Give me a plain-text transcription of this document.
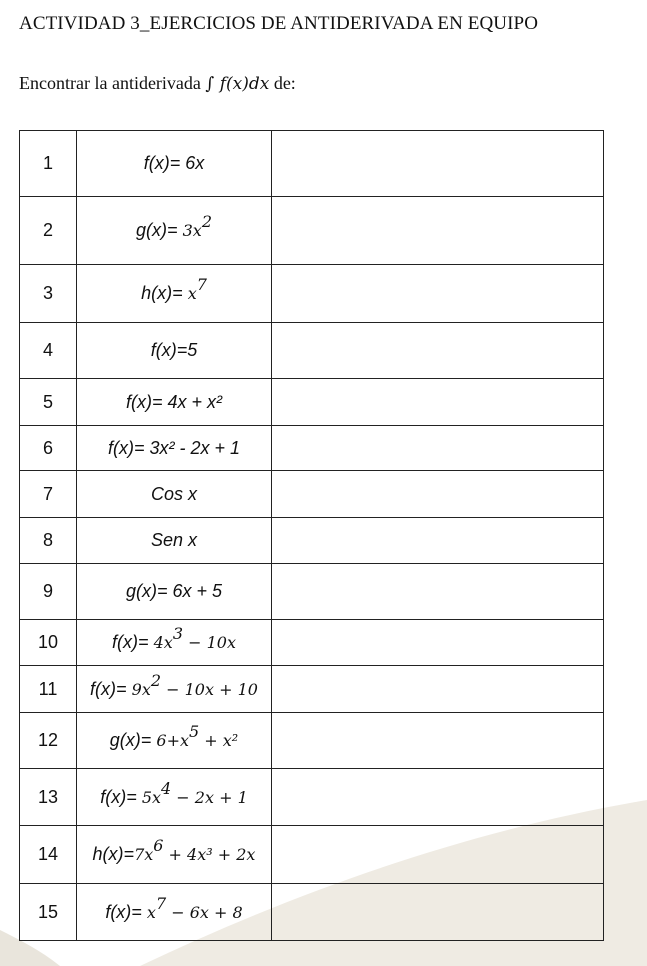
ACTIVIDAD 3_EJERCICIOS DE ANTIDERIVADA EN EQUIPO
Encontrar la antiderivada ∫ f(x)dx de:
1	f(x)= 6x	
2	$g(x)= 3x^2$	
3	$h(x)= x^7$	
4	f(x)=5	
5	f(x)= 4x + x²	
6	f(x)= 3x² - 2x + 1	
7	Cos x	
8	Sen x	
9	g(x)= 6x + 5	
10	$f(x)= 4x^3 - 10x$	
11	$f(x)= 9x^2 - 10x + 10$	
12	$g(x)= 6+x^5 + x^2$	
13	$f(x)= 5x^4 - 2x + 1$	
14	$h(x)=7x^6 + 4x^3 + 2x$	
15	$f(x)= x^7 - 6x + 8$	
